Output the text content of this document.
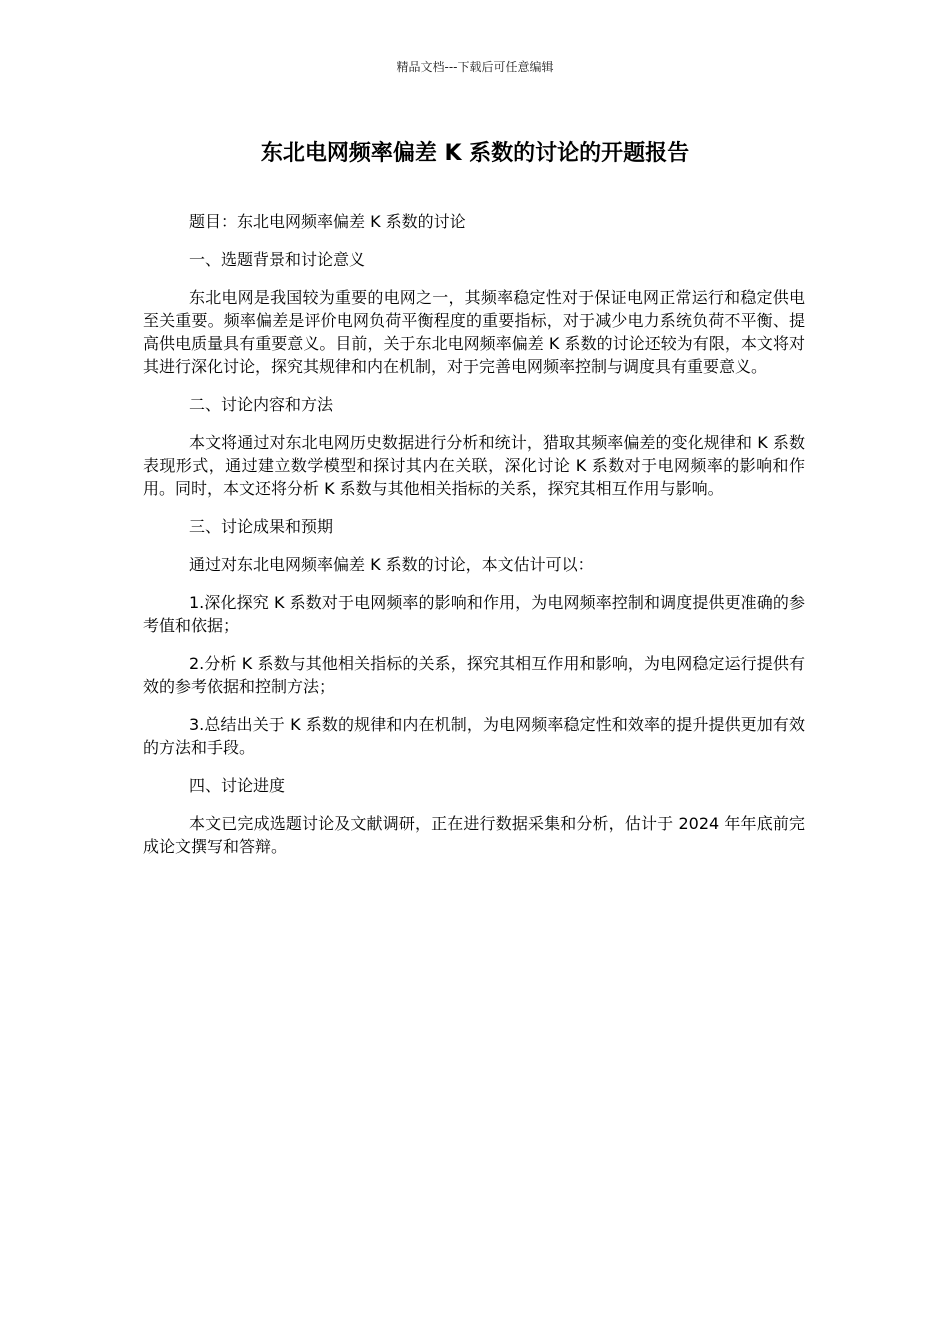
精品文档---下载后可任意编辑
东北电网频率偏差 K 系数的讨论的开题报告

题目：东北电网频率偏差 K 系数的讨论

一、选题背景和讨论意义

东北电网是我国较为重要的电网之一，其频率稳定性对于保证电网正常运行和稳定供电至关重要。频率偏差是评价电网负荷平衡程度的重要指标，对于减少电力系统负荷不平衡、提高供电质量具有重要意义。目前，关于东北电网频率偏差 K 系数的讨论还较为有限，本文将对其进行深化讨论，探究其规律和内在机制，对于完善电网频率控制与调度具有重要意义。

二、讨论内容和方法

本文将通过对东北电网历史数据进行分析和统计，猎取其频率偏差的变化规律和 K 系数表现形式，通过建立数学模型和探讨其内在关联，深化讨论 K 系数对于电网频率的影响和作用。同时，本文还将分析 K 系数与其他相关指标的关系，探究其相互作用与影响。

三、讨论成果和预期

通过对东北电网频率偏差 K 系数的讨论，本文估计可以：

1.深化探究 K 系数对于电网频率的影响和作用，为电网频率控制和调度提供更准确的参考值和依据；

2.分析 K 系数与其他相关指标的关系，探究其相互作用和影响，为电网稳定运行提供有效的参考依据和控制方法；

3.总结出关于 K 系数的规律和内在机制，为电网频率稳定性和效率的提升提供更加有效的方法和手段。

四、讨论进度

本文已完成选题讨论及文献调研，正在进行数据采集和分析，估计于 2024 年年底前完成论文撰写和答辩。
